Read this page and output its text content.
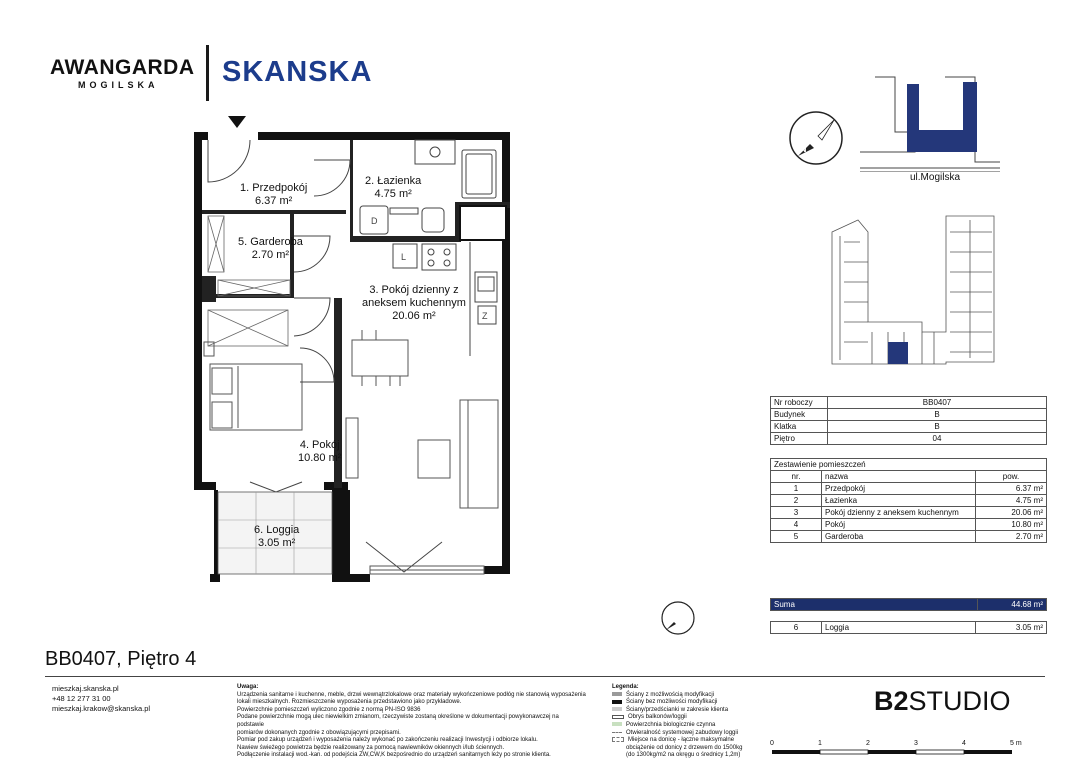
AWANGARDA
MOGILSKA SKANSKA
D
L
Z
1. Przedpokój
6.37 m²
2. Łazienka
4.75 m²
3. Pokój dzienny z
aneksem kuchennym
20.06 m²
4. Pokój
10.80 m²
5. Garderoba
2.70 m²
6. Loggia
3.05 m²
N
ul.Mogilska
Nr roboczy	BB0407
Budynek	B
Klatka	B
Piętro	04
Zestawienie pomieszczeń		
nr.	nazwa	pow.
1	Przedpokój	6.37 m²
2	Łazienka	4.75 m²
3	Pokój dzienny z aneksem kuchennym	20.06 m²
4	Pokój	10.80 m²
5	Garderoba	2.70 m²
Suma	44.68 m²
6	Loggia	3.05 m²
BB0407, Piętro 4
mieszkaj.skanska.pl
+48 12 277 31 00
mieszkaj.krakow@skanska.pl
Uwaga:
Urządzenia sanitarne i kuchenne, meble, drzwi wewnątrzlokalowe oraz materiały wykończeniowe podłóg nie stanowią wyposażenia
lokali mieszkalnych. Rozmieszczenie wyposażenia przedstawiono jako przykładowe.
Powierzchnie pomieszczeń wyliczono zgodnie z normą PN-ISO 9836
Podane powierzchnie mogą ulec niewielkim zmianom, rzeczywiste zostaną określone w dokumentacji powykonawczej na podstawie
pomiarów dokonanych zgodnie z obowiązującymi przepisami.
Pomiar pod zakup urządzeń i wyposażenia należy wykonać po zakończeniu realizacji Inwestycji i odbiorze lokalu.
Nawiew świeżego powietrza będzie realizowany za pomocą nawiewników okiennych i/lub ściennych.
Podłączenie instalacji wod.-kan. od podejścia ZW,CW,K bezpośrednio do urządzeń sanitarnych leży po stronie klienta.
Legenda:
Ściany z możliwością modyfikacji
Ściany bez możliwości modyfikacji
Ściany/przedścianki w zakresie klienta
Obrys balkonów/loggii
Powierzchnia biologicznie czynna
Otwieralność systemowej zabudowy loggii
Miejsce na donicę - łączne maksymalne
obciążenie od donicy z drzewem do 1500kg
(do 1300kg/m2 na okręgu o średnicy 1,2m)
B2STUDIO
0	1	2	3	4	5 m
